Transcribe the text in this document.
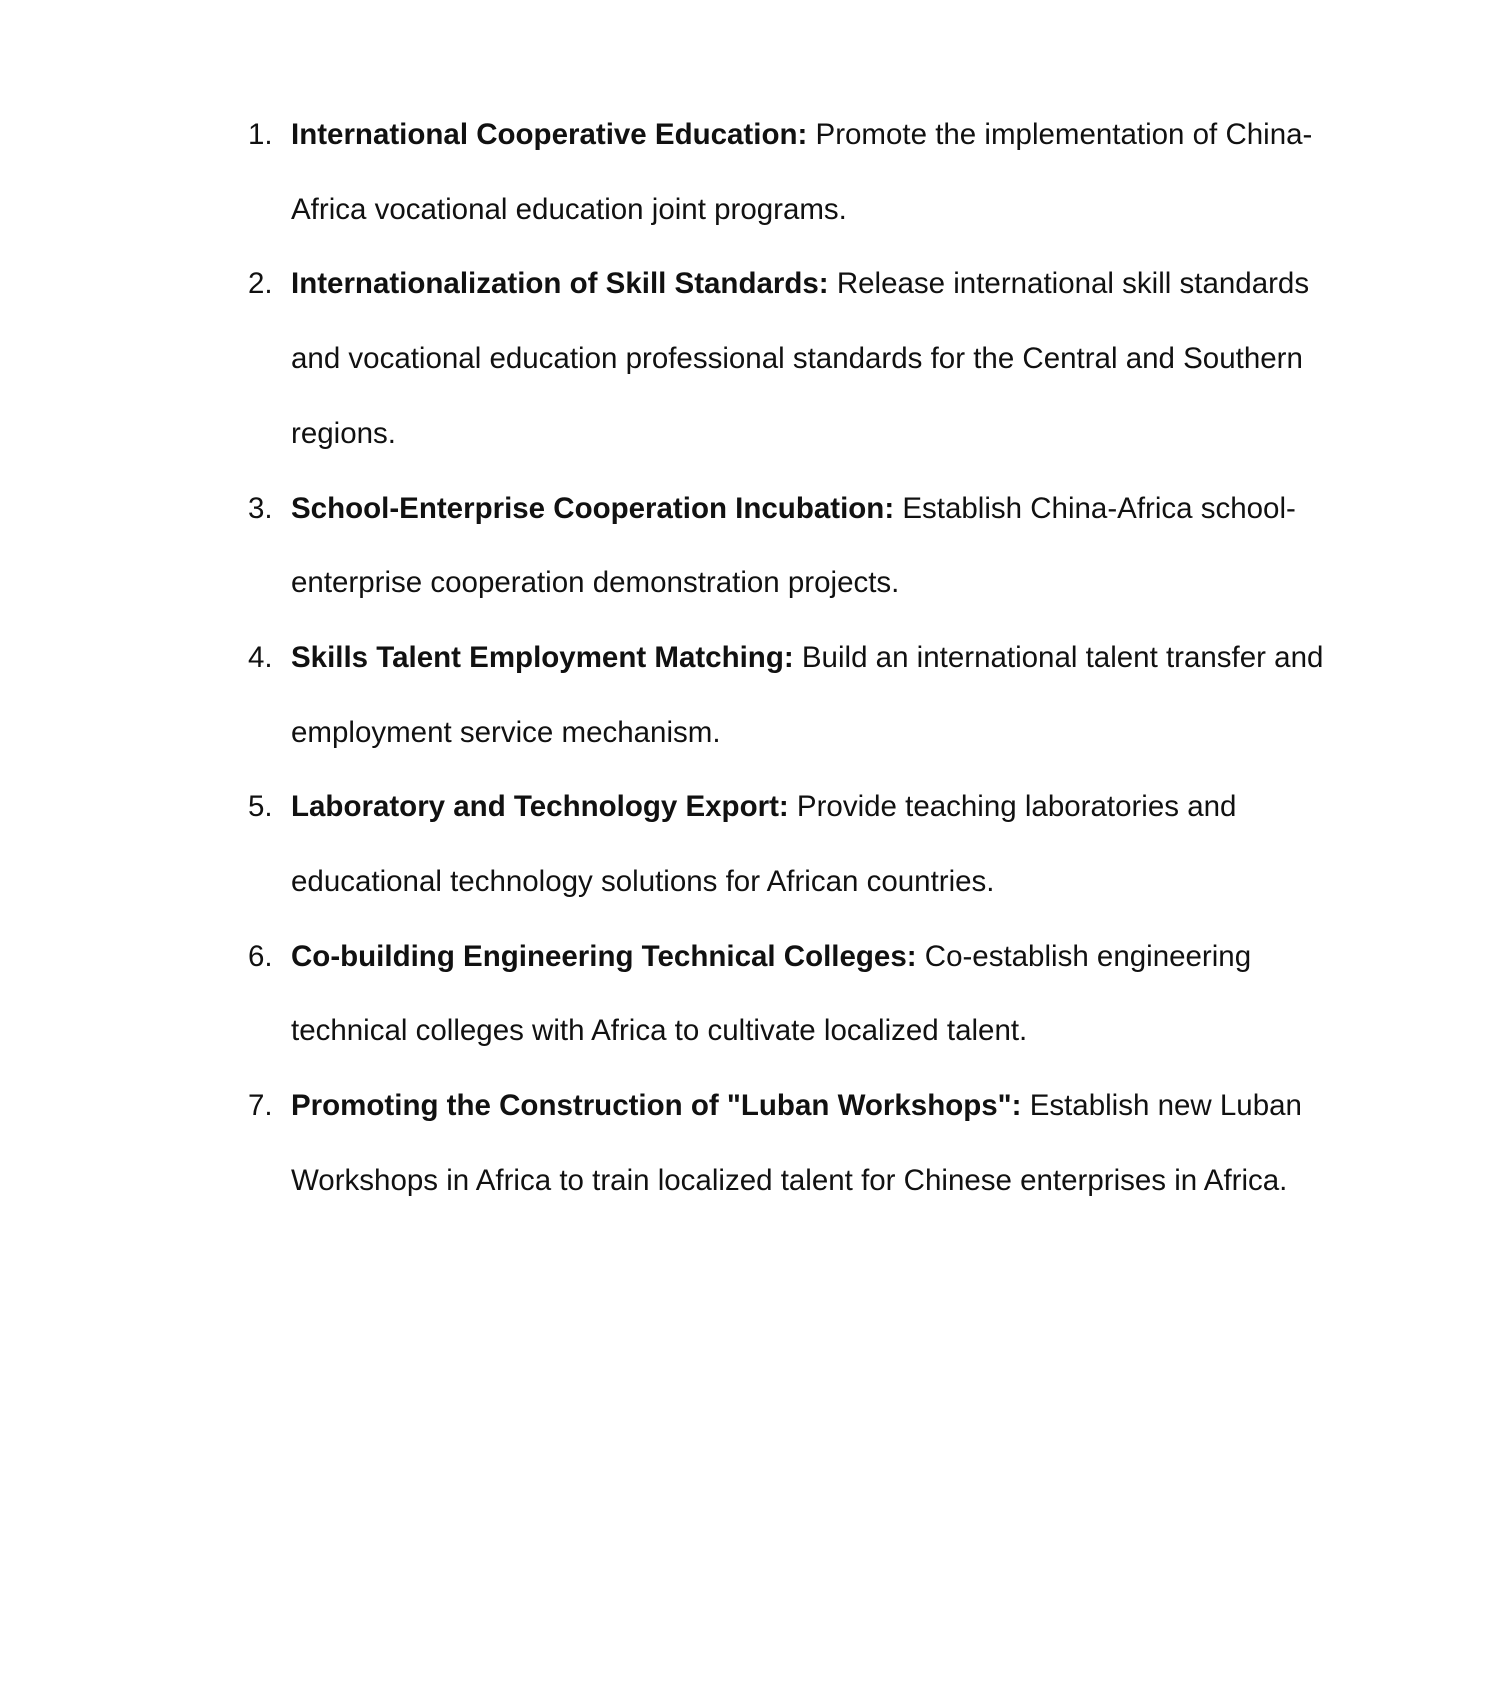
1. International Cooperative Education: Promote the implementation of China-Africa vocational education joint programs.
2. Internationalization of Skill Standards: Release international skill standards and vocational education professional standards for the Central and Southern regions.
3. School-Enterprise Cooperation Incubation: Establish China-Africa school-enterprise cooperation demonstration projects.
4. Skills Talent Employment Matching: Build an international talent transfer and employment service mechanism.
5. Laboratory and Technology Export: Provide teaching laboratories and educational technology solutions for African countries.
6. Co-building Engineering Technical Colleges: Co-establish engineering technical colleges with Africa to cultivate localized talent.
7. Promoting the Construction of "Luban Workshops": Establish new Luban Workshops in Africa to train localized talent for Chinese enterprises in Africa.
